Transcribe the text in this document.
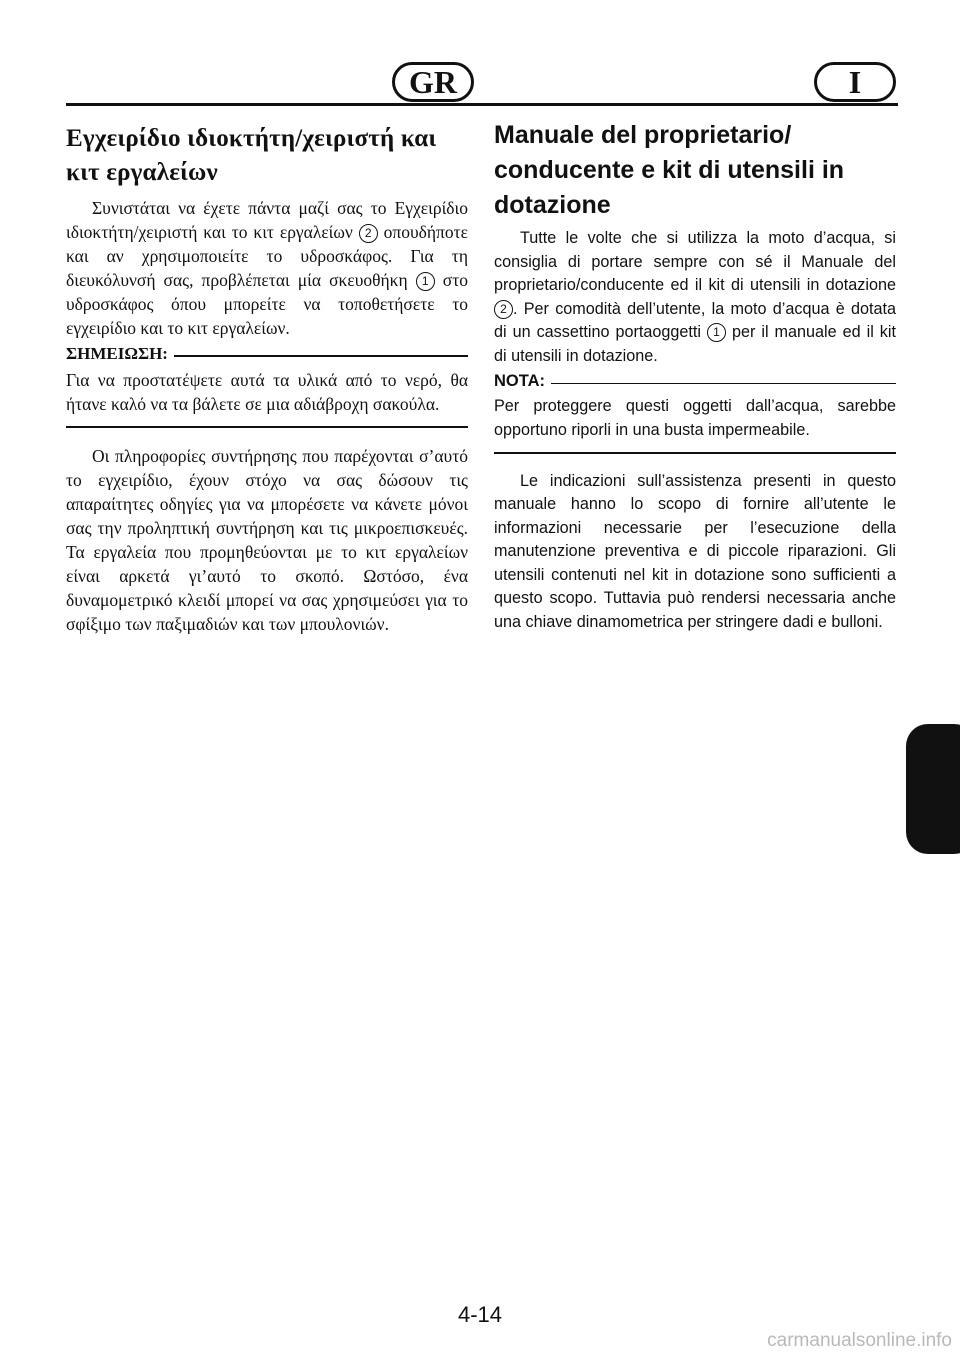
GR	I
Εγχειρίδιο ιδιοκτήτη/χειριστή και κιτ εργαλείων

Συνιστάται να έχετε πάντα μαζί σας το Εγχειρίδιο ιδιοκτήτη/χειριστή και το κιτ εργαλείων 2 οπουδήποτε και αν χρησιμοποιείτε το υδροσκάφος. Για τη διευκόλυνσή σας, προβλέπεται μία σκευοθήκη 1 στο υδροσκάφος όπου μπορείτε να τοποθετήσετε το εγχειρίδιο και το κιτ εργαλείων.

ΣΗΜΕΙΩΣΗ:

Για να προστατέψετε αυτά τα υλικά από το νερό, θα ήτανε καλό να τα βάλετε σε μια αδιάβροχη σακούλα.

Οι πληροφορίες συντήρησης που παρέχονται σ’αυτό το εγχειρίδιο, έχουν στόχο να σας δώσουν τις απαραίτητες οδηγίες για να μπορέσετε να κάνετε μόνοι σας την προληπτική συντήρηση και τις μικροεπισκευές. Τα εργαλεία που προμηθεύονται με το κιτ εργαλείων είναι αρκετά γι’αυτό το σκοπό. Ωστόσο, ένα δυναμομετρικό κλειδί μπορεί να σας χρησιμεύσει για το σφίξιμο των παξιμαδιών και των μπουλονιών.

Manuale del proprietario/ conducente e kit di utensili in dotazione

Tutte le volte che si utilizza la moto d’acqua, si consiglia di portare sempre con sé il Manuale del proprietario/conducente ed il kit di utensili in dotazione 2 . Per comodità dell’utente, la moto d’acqua è dotata di un cassettino portaoggetti 1 per il manuale ed il kit di utensili in dotazione.

NOTA:

Per proteggere questi oggetti dall’acqua, sarebbe opportuno riporli in una busta impermeabile.

Le indicazioni sull’assistenza presenti in questo manuale hanno lo scopo di fornire all’utente le informazioni necessarie per l’esecuzione della manutenzione preventiva e di piccole riparazioni. Gli utensili contenuti nel kit in dotazione sono sufficienti a questo scopo. Tuttavia può rendersi necessaria anche una chiave dinamometrica per stringere dadi e bulloni.

4-14
carmanualsonline.info
